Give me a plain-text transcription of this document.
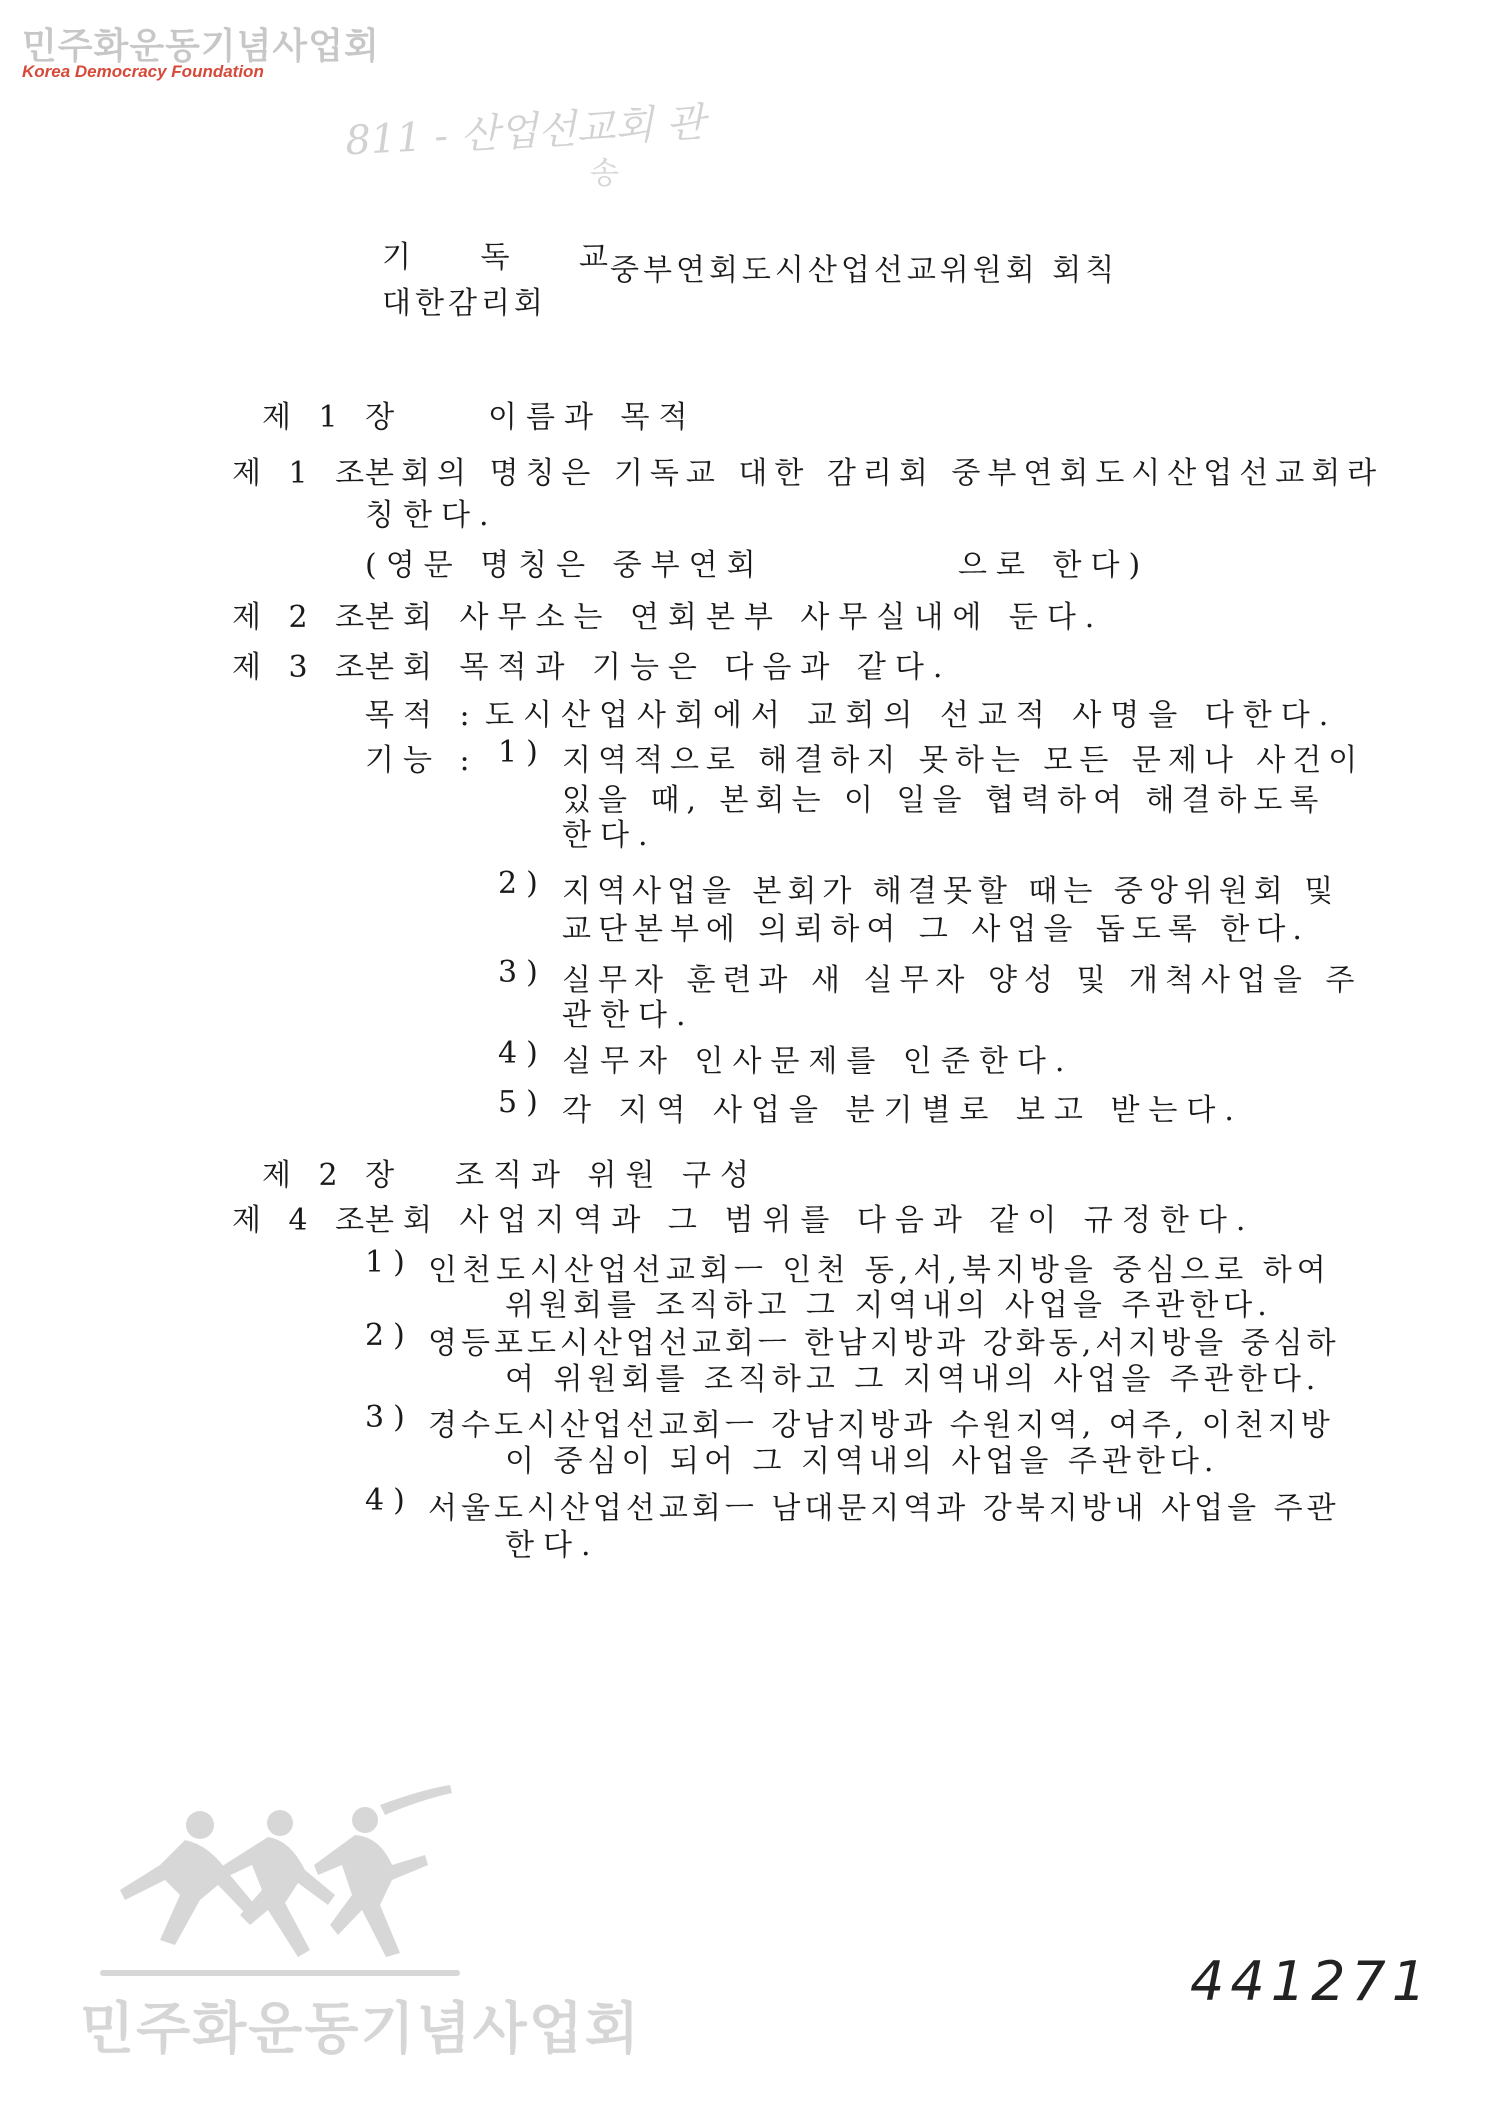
민주화운동기념사업회
Korea Democracy Foundation
811 - 산업선교회 관
송
기 독 교
대한감리회
중부연회도시산업선교위원회 회칙
제 1 장	이름과 목적
제 1 조
본회의 명칭은 기독교 대한 감리회 중부연회도시산업선교회라
칭한다.
(영문 명칭은 중부연회	으로 한다)
제 2 조
본회 사무소는 연회본부 사무실내에 둔다.
제 3 조
본회 목적과 기능은 다음과 같다.
목적 : 도시산업사회에서 교회의 선교적 사명을 다한다.
기능 : 1) 지역적으로 해결하지 못하는 모든 문제나 사건이
있을 때, 본회는 이 일을 협력하여 해결하도록
한다.
2) 지역사업을 본회가 해결못할 때는 중앙위원회 및
교단본부에 의뢰하여 그 사업을 돕도록 한다.
3) 실무자 훈련과 새 실무자 양성 및 개척사업을 주
관한다.
4) 실무자 인사문제를 인준한다.
5) 각 지역 사업을 분기별로 보고 받는다.
제 2 장 조직과 위원 구성
제 4 조
본회 사업지역과 그 범위를 다음과 같이 규정한다.
1) 인천도시산업선교회ㅡ 인천 동,서,북지방을 중심으로 하여
위원회를 조직하고 그 지역내의 사업을 주관한다.
2) 영등포도시산업선교회ㅡ 한남지방과 강화동,서지방을 중심하
여 위원회를 조직하고 그 지역내의 사업을 주관한다.
3) 경수도시산업선교회ㅡ 강남지방과 수원지역, 여주, 이천지방
이 중심이 되어 그 지역내의 사업을 주관한다.
4) 서울도시산업선교회ㅡ 남대문지역과 강북지방내 사업을 주관
한다.
민주화운동기념사업회
441271
